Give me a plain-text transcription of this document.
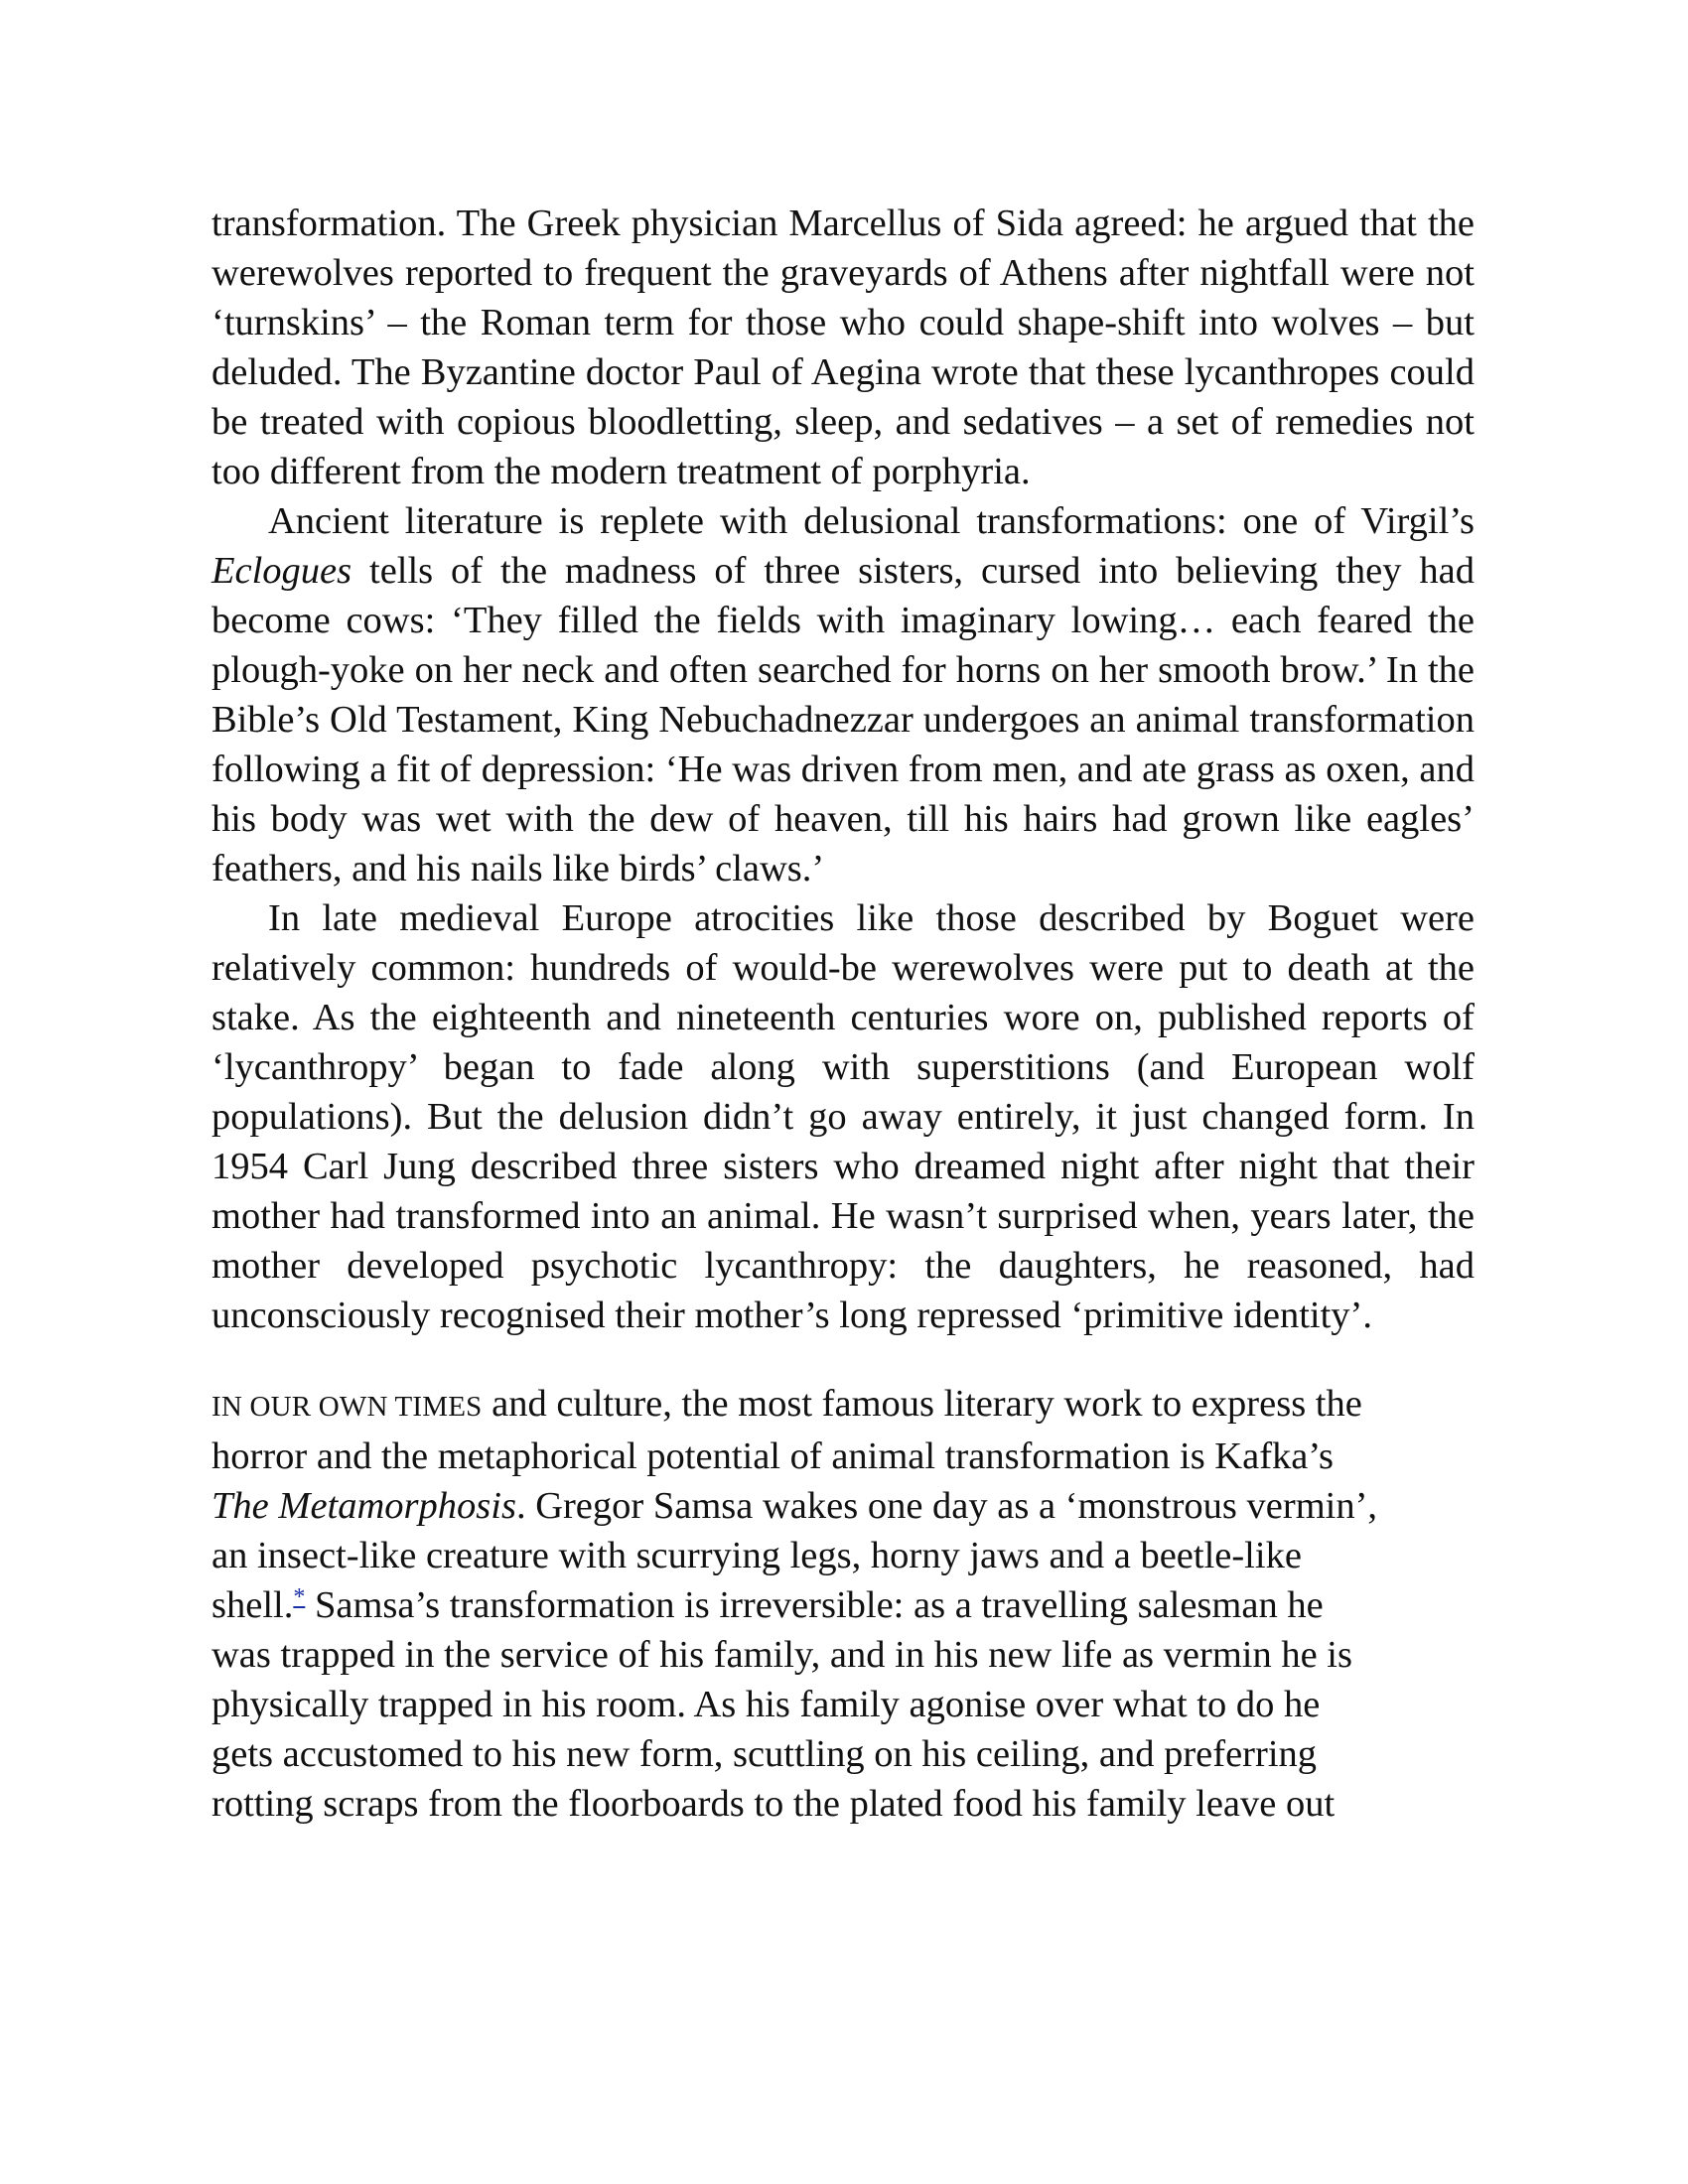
transformation. The Greek physician Marcellus of Sida agreed: he argued that the werewolves reported to frequent the graveyards of Athens after nightfall were not ‘turnskins’ – the Roman term for those who could shape-shift into wolves – but deluded. The Byzantine doctor Paul of Aegina wrote that these lycanthropes could be treated with copious bloodletting, sleep, and sedatives – a set of remedies not too different from the modern treatment of porphyria.

Ancient literature is replete with delusional transformations: one of Virgil’s Eclogues tells of the madness of three sisters, cursed into believing they had become cows: ‘They filled the fields with imaginary lowing… each feared the plough-yoke on her neck and often searched for horns on her smooth brow.’ In the Bible’s Old Testament, King Nebuchadnezzar undergoes an animal transformation following a fit of depression: ‘He was driven from men, and ate grass as oxen, and his body was wet with the dew of heaven, till his hairs had grown like eagles’ feathers, and his nails like birds’ claws.’

In late medieval Europe atrocities like those described by Boguet were relatively common: hundreds of would-be werewolves were put to death at the stake. As the eighteenth and nineteenth centuries wore on, published reports of ‘lycanthropy’ began to fade along with superstitions (and European wolf populations). But the delusion didn’t go away entirely, it just changed form. In 1954 Carl Jung described three sisters who dreamed night after night that their mother had transformed into an animal. He wasn’t surprised when, years later, the mother developed psychotic lycanthropy: the daughters, he reasoned, had unconsciously recognised their mother’s long repressed ‘primitive identity’.

IN OUR OWN TIMES and culture, the most famous literary work to express the
horror and the metaphorical potential of animal transformation is Kafka’s
The Metamorphosis. Gregor Samsa wakes one day as a ‘monstrous vermin’,
an insect-like creature with scurrying legs, horny jaws and a beetle-like
shell.* Samsa’s transformation is irreversible: as a travelling salesman he
was trapped in the service of his family, and in his new life as vermin he is
physically trapped in his room. As his family agonise over what to do he
gets accustomed to his new form, scuttling on his ceiling, and preferring
rotting scraps from the floorboards to the plated food his family leave out
